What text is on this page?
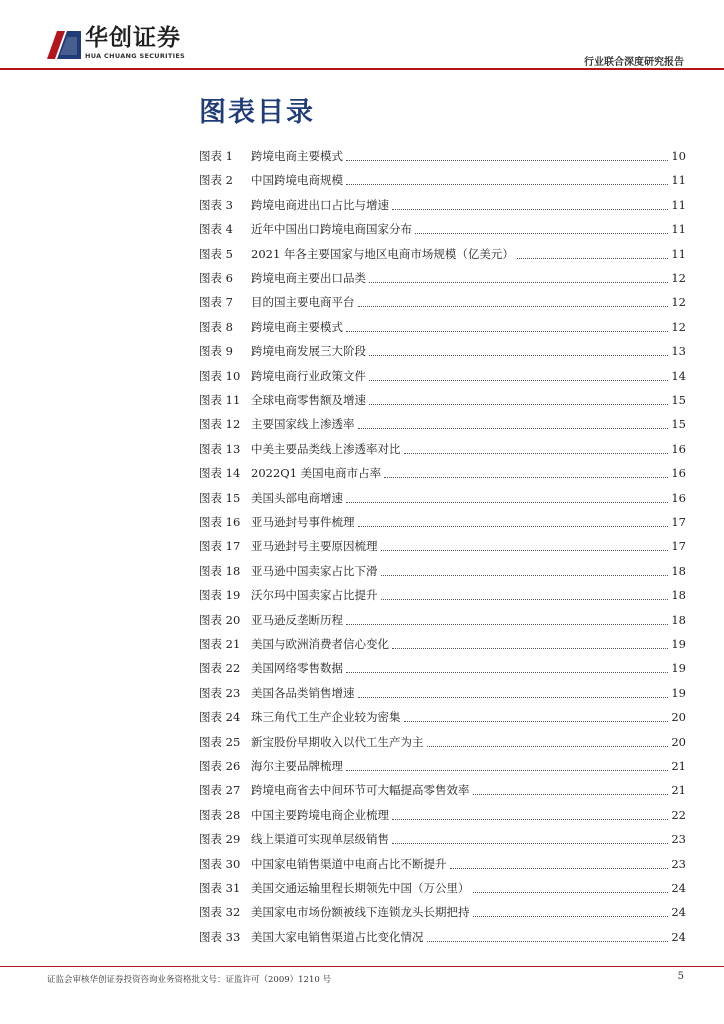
华创证券
HUA CHUANG SECURITIES
行业联合深度研究报告
图表目录
图表 1	跨境电商主要模式	10
图表 2	中国跨境电商规模	11
图表 3	跨境电商进出口占比与增速	11
图表 4	近年中国出口跨境电商国家分布	11
图表 5	2021 年各主要国家与地区电商市场规模（亿美元）	11
图表 6	跨境电商主要出口品类	12
图表 7	目的国主要电商平台	12
图表 8	跨境电商主要模式	12
图表 9	跨境电商发展三大阶段	13
图表 10 跨境电商行业政策文件	14
图表 11 全球电商零售额及增速	15
图表 12 主要国家线上渗透率	15
图表 13 中美主要品类线上渗透率对比	16
图表 14 2022Q1 美国电商市占率	16
图表 15 美国头部电商增速	16
图表 16 亚马逊封号事件梳理	17
图表 17 亚马逊封号主要原因梳理	17
图表 18 亚马逊中国卖家占比下滑	18
图表 19 沃尔玛中国卖家占比提升	18
图表 20 亚马逊反垄断历程	18
图表 21 美国与欧洲消费者信心变化	19
图表 22 美国网络零售数据	19
图表 23 美国各品类销售增速	19
图表 24 珠三角代工生产企业较为密集	20
图表 25 新宝股份早期收入以代工生产为主	20
图表 26 海尔主要品牌梳理	21
图表 27 跨境电商省去中间环节可大幅提高零售效率	21
图表 28 中国主要跨境电商企业梳理	22
图表 29 线上渠道可实现单层级销售	23
图表 30 中国家电销售渠道中电商占比不断提升	23
图表 31 美国交通运输里程长期领先中国（万公里）	24
图表 32 美国家电市场份额被线下连锁龙头长期把持	24
图表 33 美国大家电销售渠道占比变化情况	24
证监会审核华创证券投资咨询业务资格批文号：证监许可（2009）1210 号	5
